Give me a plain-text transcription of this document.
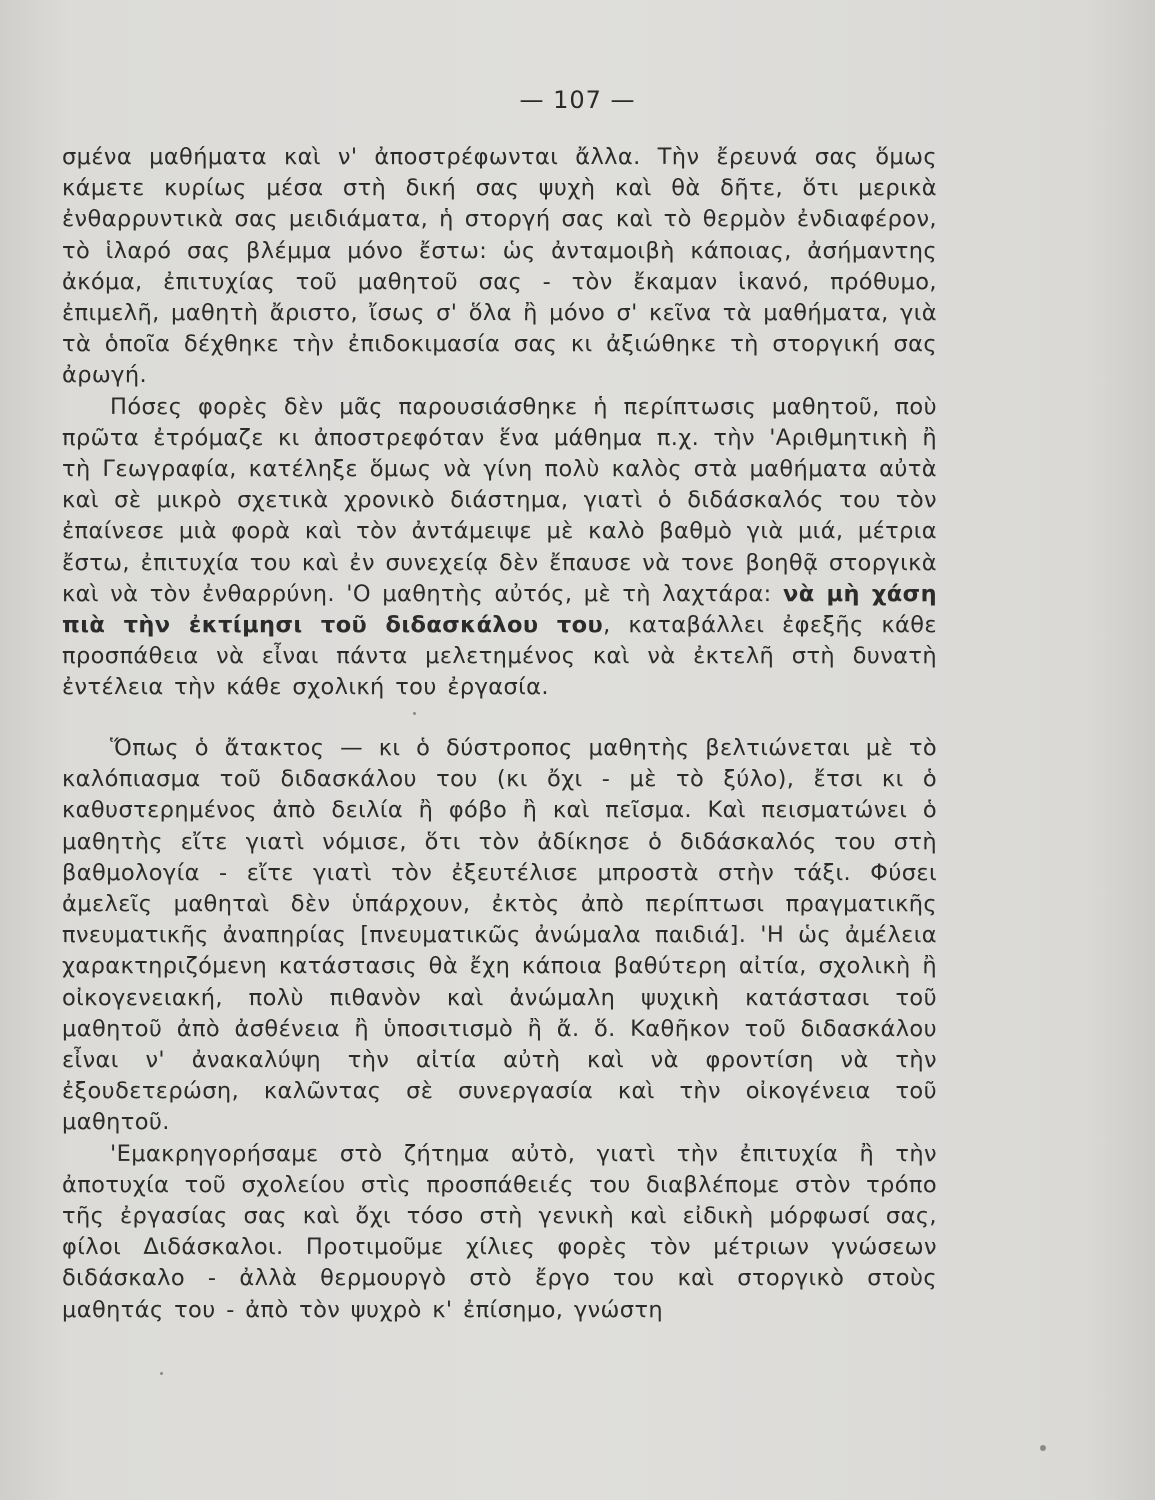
— 107 —
σμένα μαθήματα καὶ ν' ἀποστρέφωνται ἄλλα. Τὴν ἔρευνά σας ὅμως κάμετε κυρίως μέσα στὴ δική σας ψυχὴ καὶ θὰ δῆτε, ὅτι μερικὰ ἐνθαρρυντικὰ σας μειδιάματα, ἡ στοργή σας καὶ τὸ θερμὸν ἐνδιαφέρον, τὸ ἱλαρό σας βλέμμα μόνο ἔστω: ὡς ἀνταμοιβὴ κάποιας, ἀσήμαντης ἀκόμα, ἐπιτυχίας τοῦ μαθητοῦ σας - τὸν ἔκαμαν ἱκανό, πρόθυμο, ἐπιμελῆ, μαθητὴ ἄριστο, ἴσως σ' ὅλα ἢ μόνο σ' κεῖνα τὰ μαθήματα, γιὰ τὰ ὁποῖα δέχθηκε τὴν ἐπιδοκιμασία σας κι ἀξιώθηκε τὴ στοργική σας ἀρωγή.
Πόσες φορὲς δὲν μᾶς παρουσιάσθηκε ἡ περίπτωσις μαθητοῦ, ποὺ πρῶτα ἐτρόμαζε κι ἀποστρεφόταν ἕνα μάθημα π.χ. τὴν 'Αριθμητικὴ ἢ τὴ Γεωγραφία, κατέληξε ὅμως νὰ γίνη πολὺ καλὸς στὰ μαθήματα αὐτὰ καὶ σὲ μικρὸ σχετικὰ χρονικὸ διάστημα, γιατὶ ὁ διδάσκαλός του τὸν ἐπαίνεσε μιὰ φορὰ καὶ τὸν ἀντάμειψε μὲ καλὸ βαθμὸ γιὰ μιά, μέτρια ἔστω, ἐπιτυχία του καὶ ἐν συνεχείᾳ δὲν ἔπαυσε νὰ τονε βοηθᾷ στοργικὰ καὶ νὰ τὸν ἐνθαρρύνη. 'Ο μαθητὴς αὐτός, μὲ τὴ λαχτάρα: νὰ μὴ χάση πιὰ τὴν ἐκτίμησι τοῦ διδασκάλου του, καταβάλλει ἐφεξῆς κάθε προσπάθεια νὰ εἶναι πάντα μελετημένος καὶ νὰ ἐκτελῆ στὴ δυνατὴ ἐντέλεια τὴν κάθε σχολική του ἐργασία.
Ὅπως ὁ ἄτακτος — κι ὁ δύστροπος μαθητὴς βελτιώνεται μὲ τὸ καλόπιασμα τοῦ διδασκάλου του (κι ὄχι - μὲ τὸ ξύλο), ἔτσι κι ὁ καθυστερημένος ἀπὸ δειλία ἢ φόβο ἢ καὶ πεῖσμα. Καὶ πεισματώνει ὁ μαθητὴς εἴτε γιατὶ νόμισε, ὅτι τὸν ἀδίκησε ὁ διδάσκαλός του στὴ βαθμολογία - εἴτε γιατὶ τὸν ἐξευτέλισε μπροστὰ στὴν τάξι. Φύσει ἀμελεῖς μαθηταὶ δὲν ὑπάρχουν, ἐκτὸς ἀπὸ περίπτωσι πραγματικῆς πνευματικῆς ἀναπηρίας [πνευματικῶς ἀνώμαλα παιδιά]. 'Η ὡς ἀμέλεια χαρακτηριζόμενη κατάστασις θὰ ἔχη κάποια βαθύτερη αἰτία, σχολικὴ ἢ οἰκογενειακή, πολὺ πιθανὸν καὶ ἀνώμαλη ψυχικὴ κατάστασι τοῦ μαθητοῦ ἀπὸ ἀσθένεια ἢ ὑποσιτισμὸ ἢ ἄ. ὅ. Καθῆκον τοῦ διδασκάλου εἶναι ν' ἀνακαλύψη τὴν αἰτία αὐτὴ καὶ νὰ φροντίση νὰ τὴν ἐξουδετερώση, καλῶντας σὲ συνεργασία καὶ τὴν οἰκογένεια τοῦ μαθητοῦ.
'Εμακρηγορήσαμε στὸ ζήτημα αὐτὸ, γιατὶ τὴν ἐπιτυχία ἢ τὴν ἀποτυχία τοῦ σχολείου στὶς προσπάθειές του διαβλέπομε στὸν τρόπο τῆς ἐργασίας σας καὶ ὄχι τόσο στὴ γενικὴ καὶ εἰδικὴ μόρφωσί σας, φίλοι Διδάσκαλοι. Προτιμοῦμε χίλιες φορὲς τὸν μέτριων γνώσεων διδάσκαλο - ἀλλὰ θερμουργὸ στὸ ἔργο του καὶ στοργικὸ στοὺς μαθητάς του - ἀπὸ τὸν ψυχρὸ κ' ἐπίσημο, γνώστη
